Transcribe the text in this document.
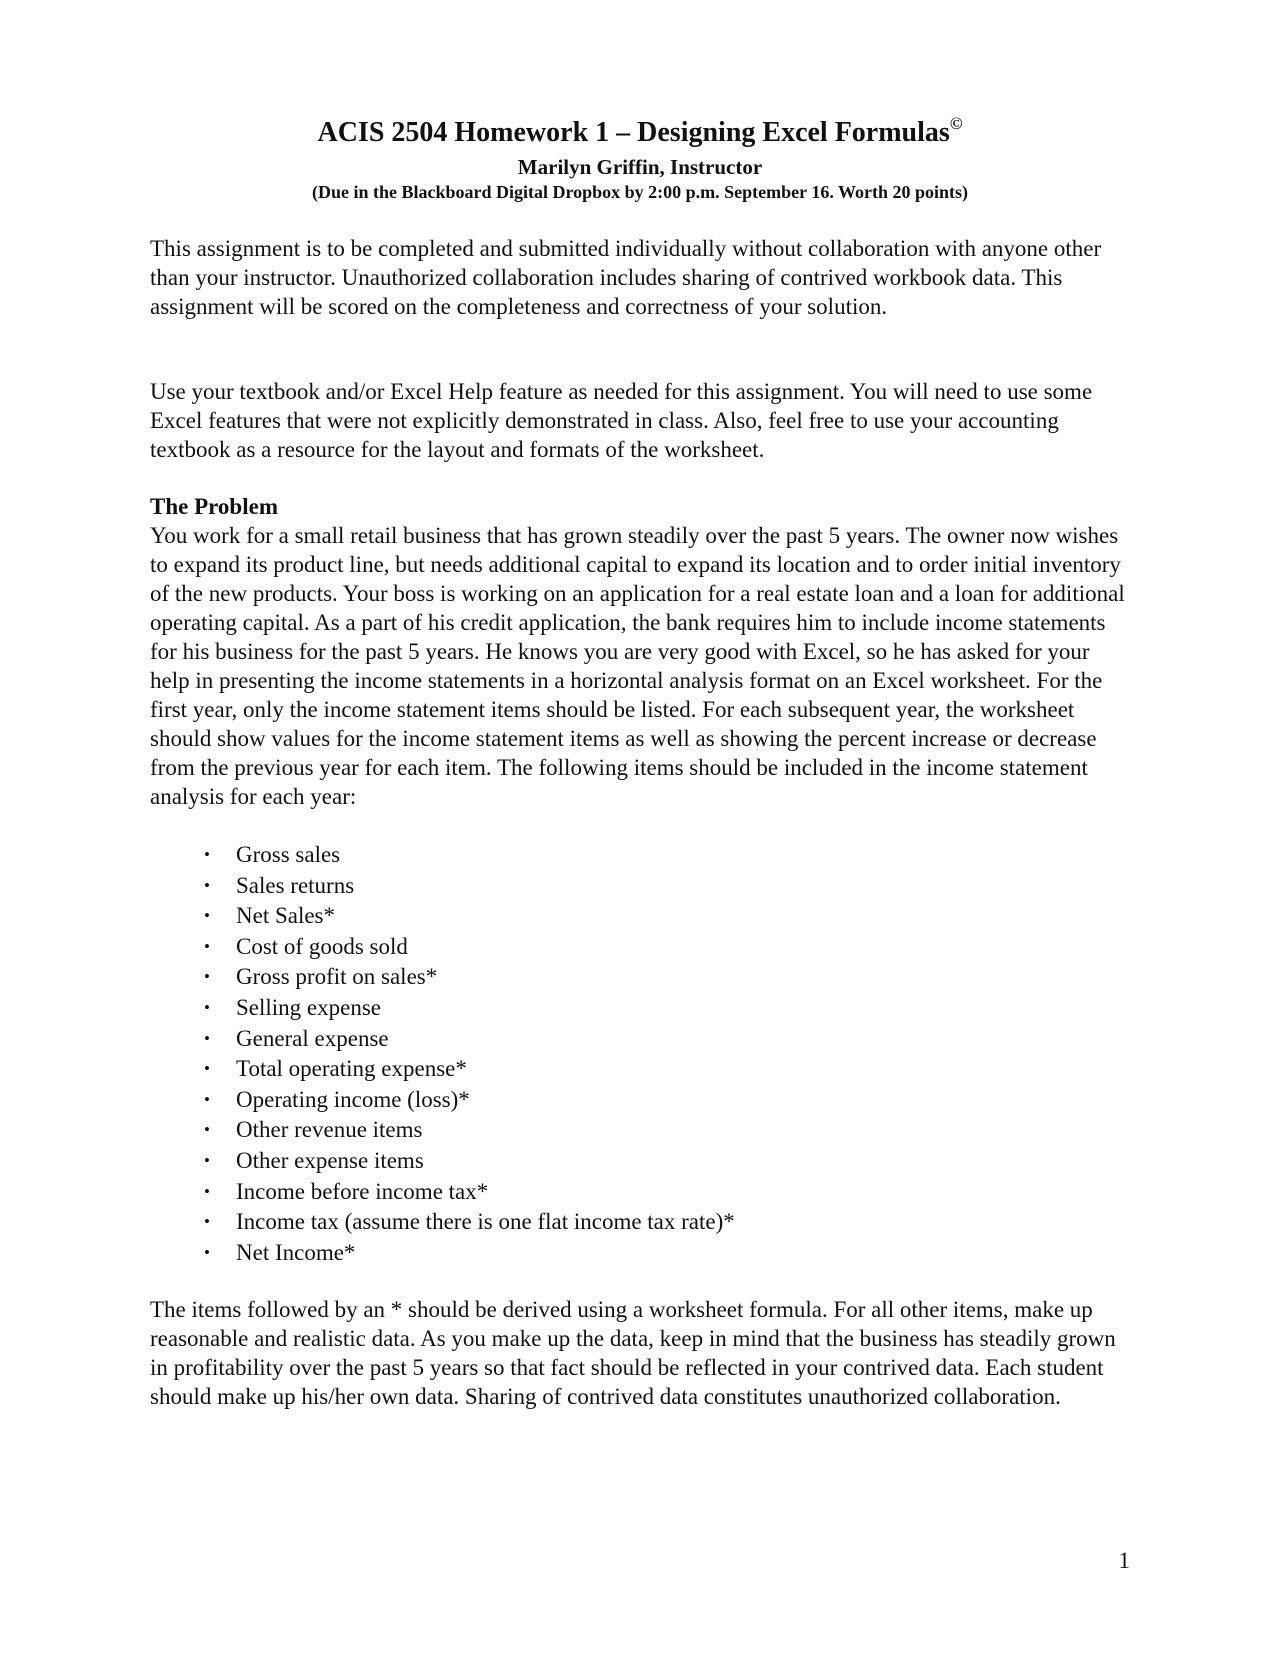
ACIS 2504 Homework 1 – Designing Excel Formulas©
Marilyn Griffin, Instructor
(Due in the Blackboard Digital Dropbox by 2:00 p.m. September 16. Worth 20 points)

This assignment is to be completed and submitted individually without collaboration with anyone other than your instructor. Unauthorized collaboration includes sharing of contrived workbook data. This assignment will be scored on the completeness and correctness of your solution.

Use your textbook and/or Excel Help feature as needed for this assignment. You will need to use some Excel features that were not explicitly demonstrated in class. Also, feel free to use your accounting textbook as a resource for the layout and formats of the worksheet.

The Problem

You work for a small retail business that has grown steadily over the past 5 years. The owner now wishes to expand its product line, but needs additional capital to expand its location and to order initial inventory of the new products. Your boss is working on an application for a real estate loan and a loan for additional operating capital. As a part of his credit application, the bank requires him to include income statements for his business for the past 5 years. He knows you are very good with Excel, so he has asked for your help in presenting the income statements in a horizontal analysis format on an Excel worksheet. For the first year, only the income statement items should be listed. For each subsequent year, the worksheet should show values for the income statement items as well as showing the percent increase or decrease from the previous year for each item. The following items should be included in the income statement analysis for each year:

• Gross sales
• Sales returns
• Net Sales*
• Cost of goods sold
• Gross profit on sales*
• Selling expense
• General expense
• Total operating expense*
• Operating income (loss)*
• Other revenue items
• Other expense items
• Income before income tax*
• Income tax (assume there is one flat income tax rate)*
• Net Income*

The items followed by an * should be derived using a worksheet formula. For all other items, make up reasonable and realistic data. As you make up the data, keep in mind that the business has steadily grown in profitability over the past 5 years so that fact should be reflected in your contrived data. Each student should make up his/her own data. Sharing of contrived data constitutes unauthorized collaboration.

1
